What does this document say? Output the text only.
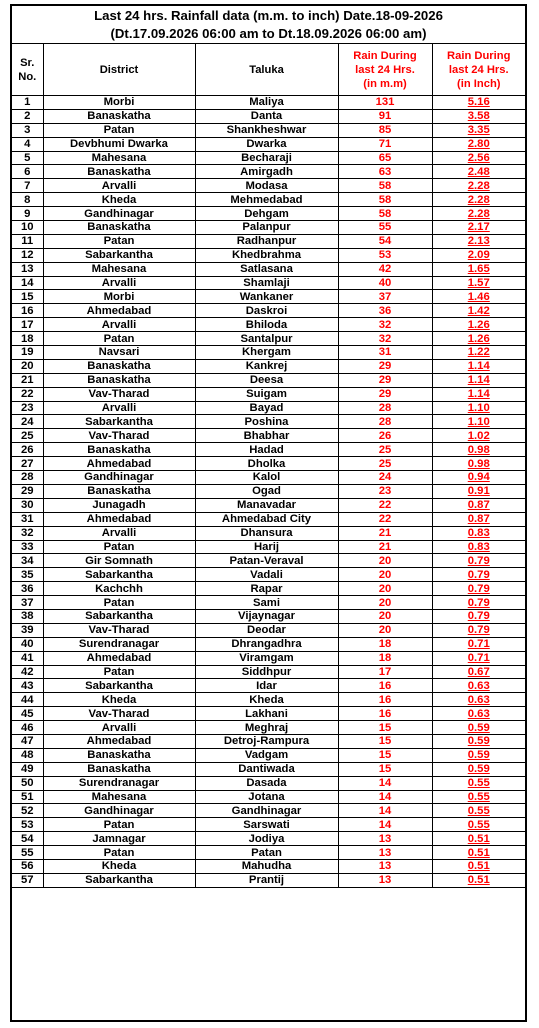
Last 24 hrs. Rainfall data (m.m. to inch) Date.18-09-2026
(Dt.17.09.2026 06:00 am to Dt.18.09.2026 06:00 am)
Sr.
No.	District	Taluka	Rain During
last 24 Hrs.
(in m.m)	Rain During
last 24 Hrs.
(in Inch)
1	Morbi	Maliya	131	5.16
2	Banaskatha	Danta	91	3.58
3	Patan	Shankheshwar	85	3.35
4	Devbhumi Dwarka	Dwarka	71	2.80
5	Mahesana	Becharaji	65	2.56
6	Banaskatha	Amirgadh	63	2.48
7	Arvalli	Modasa	58	2.28
8	Kheda	Mehmedabad	58	2.28
9	Gandhinagar	Dehgam	58	2.28
10	Banaskatha	Palanpur	55	2.17
11	Patan	Radhanpur	54	2.13
12	Sabarkantha	Khedbrahma	53	2.09
13	Mahesana	Satlasana	42	1.65
14	Arvalli	Shamlaji	40	1.57
15	Morbi	Wankaner	37	1.46
16	Ahmedabad	Daskroi	36	1.42
17	Arvalli	Bhiloda	32	1.26
18	Patan	Santalpur	32	1.26
19	Navsari	Khergam	31	1.22
20	Banaskatha	Kankrej	29	1.14
21	Banaskatha	Deesa	29	1.14
22	Vav-Tharad	Suigam	29	1.14
23	Arvalli	Bayad	28	1.10
24	Sabarkantha	Poshina	28	1.10
25	Vav-Tharad	Bhabhar	26	1.02
26	Banaskatha	Hadad	25	0.98
27	Ahmedabad	Dholka	25	0.98
28	Gandhinagar	Kalol	24	0.94
29	Banaskatha	Ogad	23	0.91
30	Junagadh	Manavadar	22	0.87
31	Ahmedabad	Ahmedabad City	22	0.87
32	Arvalli	Dhansura	21	0.83
33	Patan	Harij	21	0.83
34	Gir Somnath	Patan-Veraval	20	0.79
35	Sabarkantha	Vadali	20	0.79
36	Kachchh	Rapar	20	0.79
37	Patan	Sami	20	0.79
38	Sabarkantha	Vijaynagar	20	0.79
39	Vav-Tharad	Deodar	20	0.79
40	Surendranagar	Dhrangadhra	18	0.71
41	Ahmedabad	Viramgam	18	0.71
42	Patan	Siddhpur	17	0.67
43	Sabarkantha	Idar	16	0.63
44	Kheda	Kheda	16	0.63
45	Vav-Tharad	Lakhani	16	0.63
46	Arvalli	Meghraj	15	0.59
47	Ahmedabad	Detroj-Rampura	15	0.59
48	Banaskatha	Vadgam	15	0.59
49	Banaskatha	Dantiwada	15	0.59
50	Surendranagar	Dasada	14	0.55
51	Mahesana	Jotana	14	0.55
52	Gandhinagar	Gandhinagar	14	0.55
53	Patan	Sarswati	14	0.55
54	Jamnagar	Jodiya	13	0.51
55	Patan	Patan	13	0.51
56	Kheda	Mahudha	13	0.51
57	Sabarkantha	Prantij	13	0.51
